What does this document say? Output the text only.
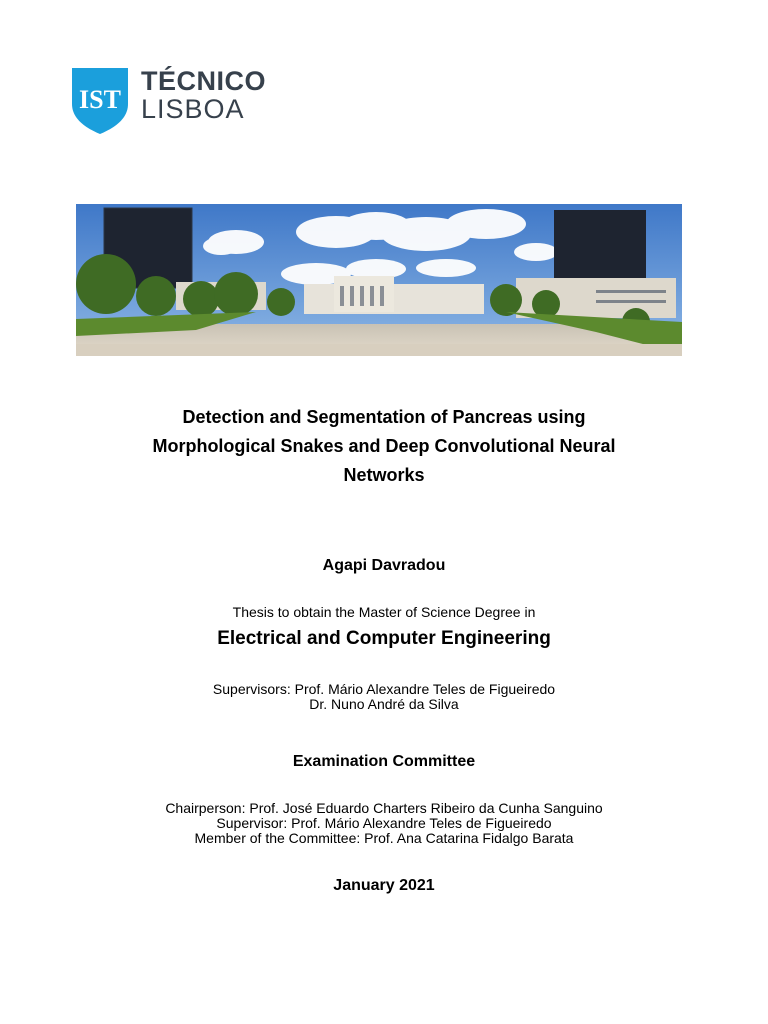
IST
TÉCNICO
LISBOA
Detection and Segmentation of Pancreas using
Morphological Snakes and Deep Convolutional Neural
Networks
Agapi Davradou
Thesis to obtain the Master of Science Degree in
Electrical and Computer Engineering
Supervisors: Prof. Mário Alexandre Teles de Figueiredo
Dr. Nuno André da Silva
Examination Committee
Chairperson: Prof. José Eduardo Charters Ribeiro da Cunha Sanguino
Supervisor: Prof. Mário Alexandre Teles de Figueiredo
Member of the Committee: Prof. Ana Catarina Fidalgo Barata
January 2021
